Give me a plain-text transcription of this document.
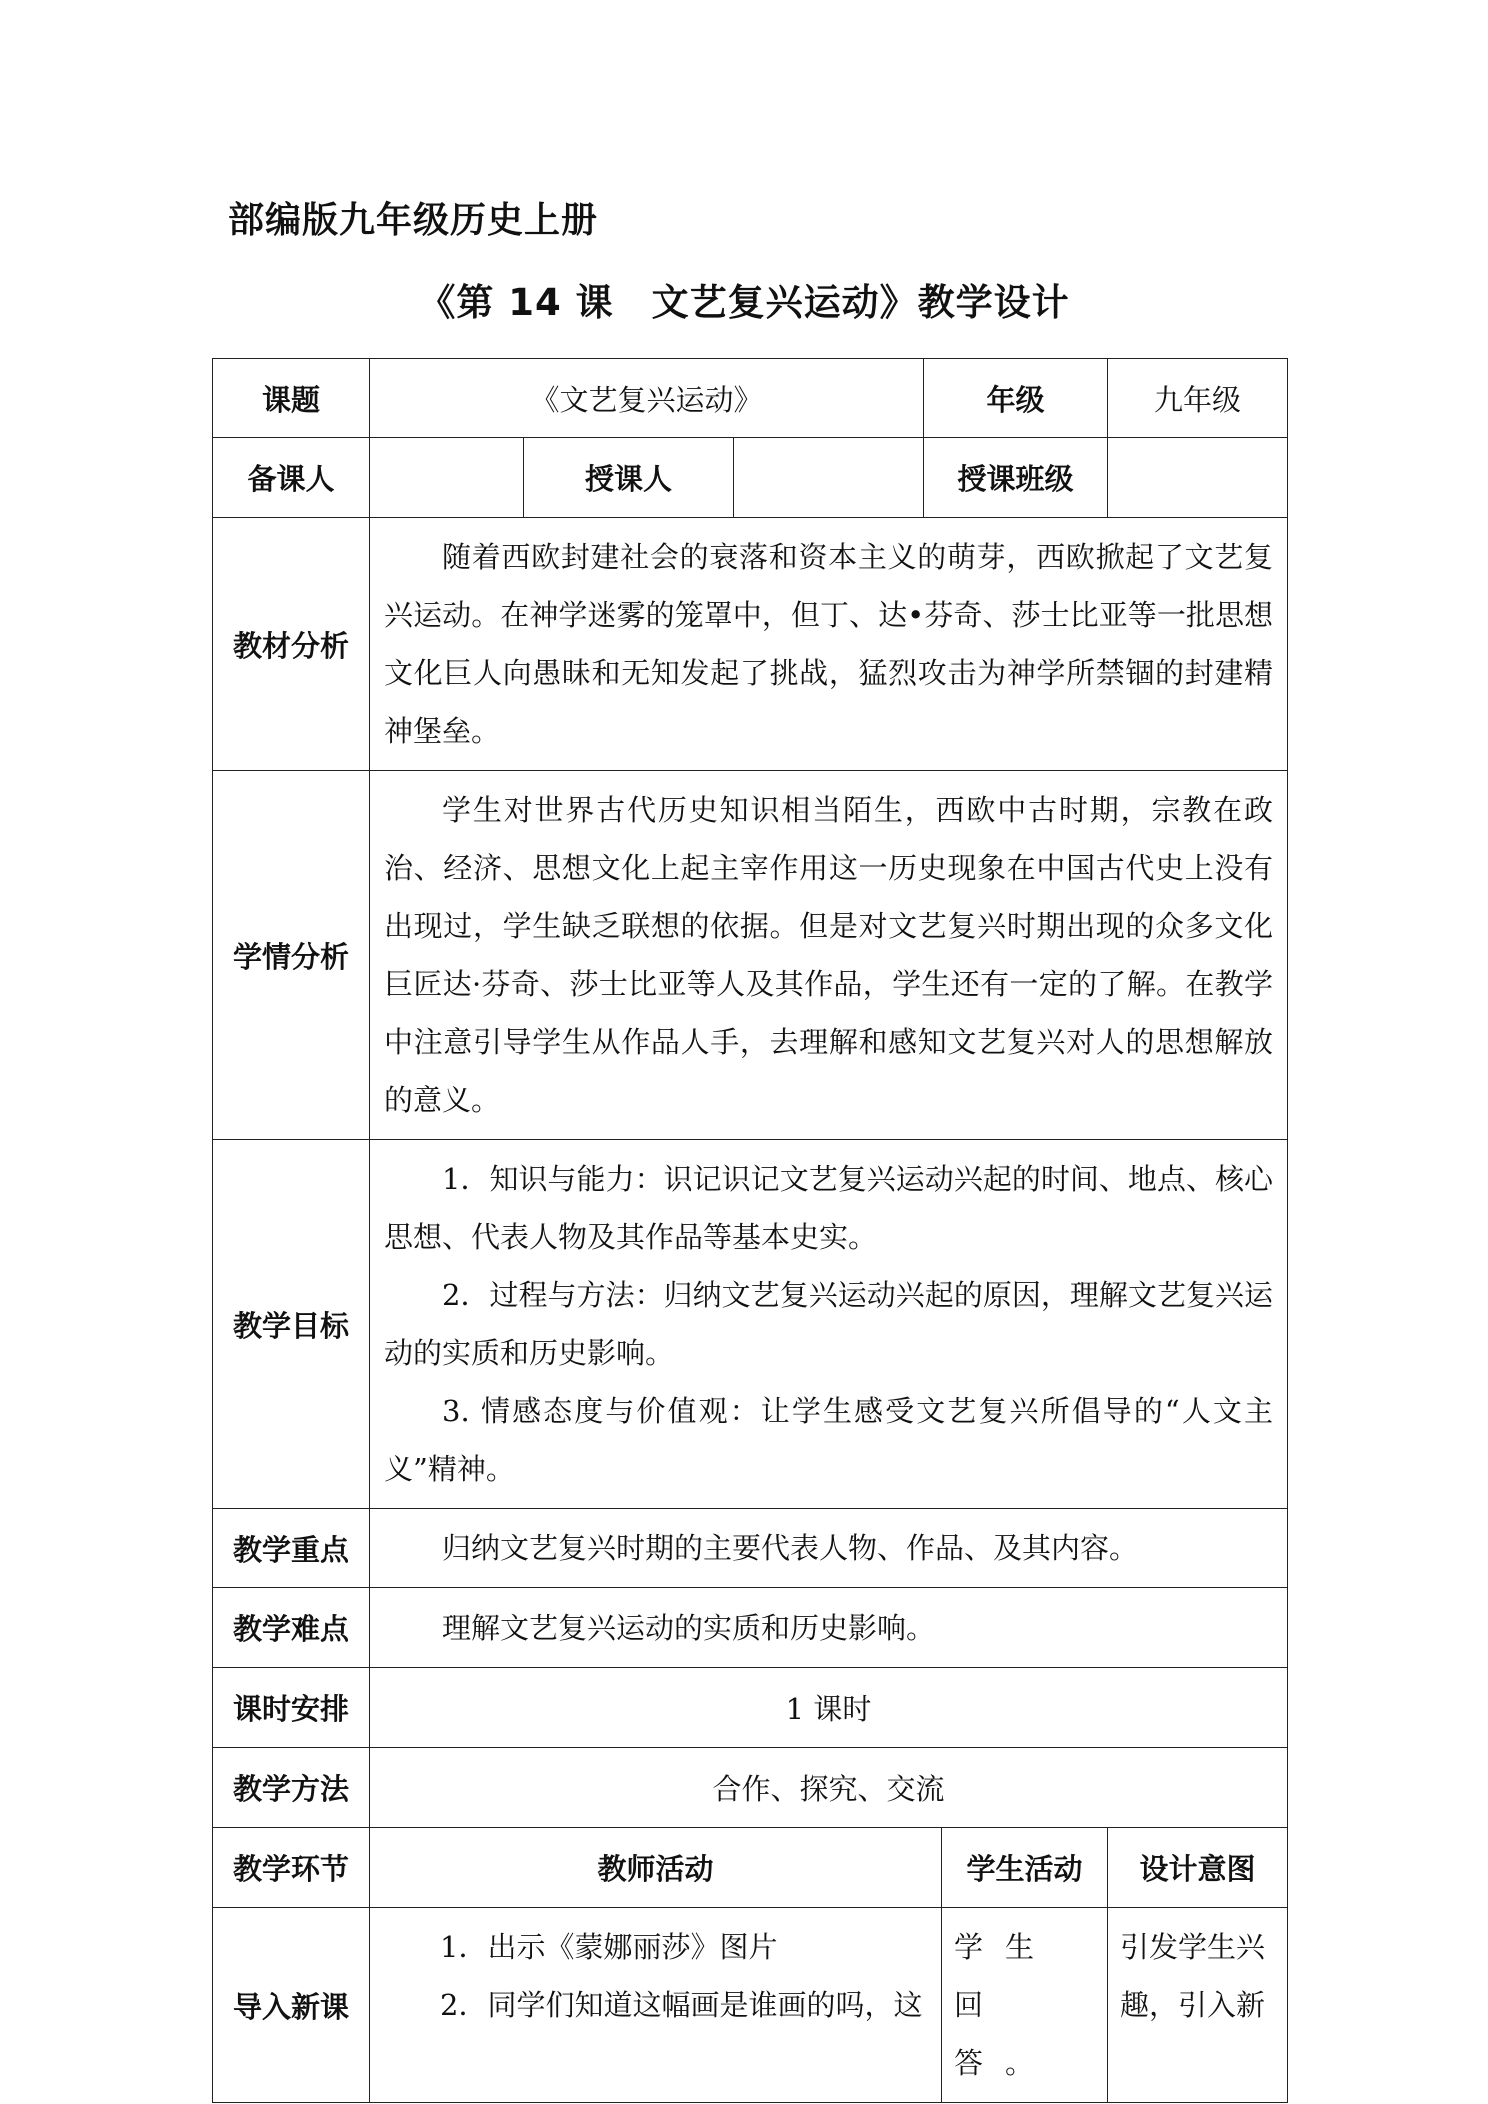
部编版九年级历史上册
《第 14 课　文艺复兴运动》教学设计
课题	《文艺复兴运动》			年级		九年级
备课人		授课人		授课班级		
教材分析	随着西欧封建社会的衰落和资本主义的萌芽，西欧掀起了文艺复兴运动。在神学迷雾的笼罩中，但丁、达•芬奇、莎士比亚等一批思想文化巨人向愚昧和无知发起了挑战，猛烈攻击为神学所禁锢的封建精神堡垒。					

学情分析	学生对世界古代历史知识相当陌生，西欧中古时期，宗教在政治、经济、思想文化上起主宰作用这一历史现象在中国古代史上没有出现过，学生缺乏联想的依据。但是对文艺复兴时期出现的众多文化巨匠达·芬奇、莎士比亚等人及其作品，学生还有一定的了解。在教学中注意引导学生从作品人手，去理解和感知文艺复兴对人的思想解放的意义。					

教学目标	1．知识与能力：识记识记文艺复兴运动兴起的时间、地点、核心思想、代表人物及其作品等基本史实。

2．过程与方法：归纳文艺复兴运动兴起的原因，理解文艺复兴运动的实质和历史影响。

3. 情感态度与价值观：让学生感受文艺复兴所倡导的“人文主义”精神。					

教学重点	归纳文艺复兴时期的主要代表人物、作品、及其内容。					

教学难点	理解文艺复兴运动的实质和历史影响。					

课时安排	1 课时					
教学方法	合作、探究、交流					
教学环节	教师活动				学生活动	设计意图
导入新课	1．出示《蒙娜丽莎》图片
2．同学们知道这幅画是谁画的吗，这				学生回答。	引发学生兴趣，引入新
